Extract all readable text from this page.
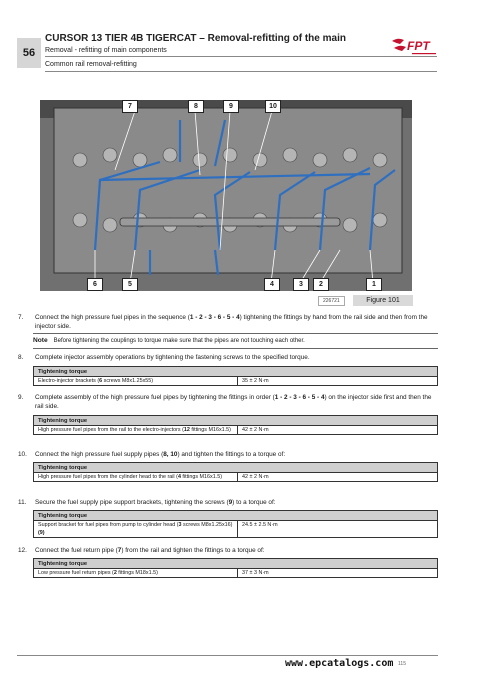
56
CURSOR 13 TIER 4B TIGERCAT – Removal-refitting of the main
Removal - refitting of main components
Common rail removal-refitting
FPT
7	8	9	10
6	5	4	3	2	1
226721	Figure 101
7.	Connect the high pressure fuel pipes in the sequence (1 - 2 - 3 - 6 - 5 - 4) tightening the fittings by hand from the rail side and then from the injector side.
Note Before tightening the couplings to torque make sure that the pipes are not touching each other.
8.	Complete injector assembly operations by tightening the fastening screws to the specified torque.
Tightening torque
Electro-injector brackets (6 screws M8x1.25x55)	35 ± 2 N·m
9.	Complete assembly of the high pressure fuel pipes by tightening the fittings in order (1 - 2 - 3 - 6 - 5 - 4) on the injector side first and then the rail side.
Tightening torque
High pressure fuel pipes from the rail to the electro-injectors (12 fittings M16x1.5)	42 ± 2 N·m
10.	Connect the high pressure fuel supply pipes (8, 10) and tighten the fittings to a torque of:
Tightening torque
High pressure fuel pipes from the cylinder head to the rail (4 fittings M16x1.5)	42 ± 2 N·m
11.	Secure the fuel supply pipe support brackets, tightening the screws (9) to a torque of:
Tightening torque
Support bracket for fuel pipes from pump to cylinder head (3 screws M8x1.25x16) (9)	24.5 ± 2.5 N·m
12.	Connect the fuel return pipe (7) from the rail and tighten the fittings to a torque of:
Tightening torque
Low pressure fuel return pipes (2 fittings M18x1.5)	37 ± 3 N·m
www.epcatalogs.com 115
